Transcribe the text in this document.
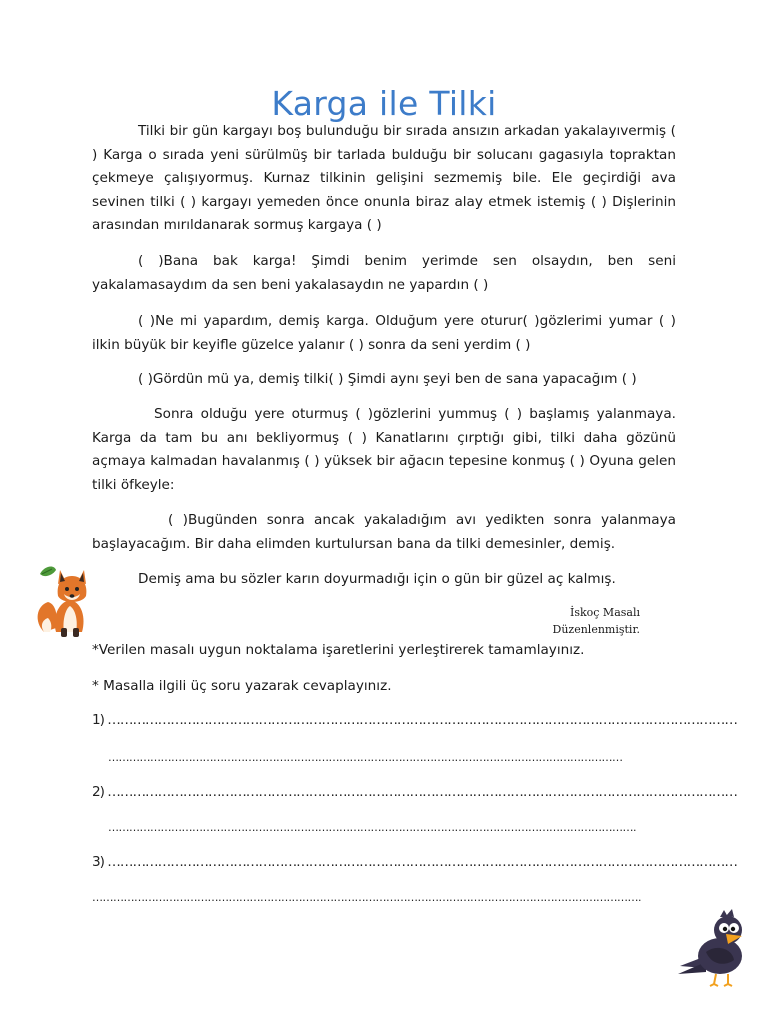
Karga ile Tilki

Tilki bir gün kargayı boş bulunduğu bir sırada ansızın arkadan yakalayıvermiş ( ) Karga o sırada yeni sürülmüş bir tarlada bulduğu bir solucanı gagasıyla topraktan çekmeye çalışıyormuş. Kurnaz tilkinin gelişini sezmemiş bile. Ele geçirdiği ava sevinen tilki ( ) kargayı yemeden önce onunla biraz alay etmek istemiş ( ) Dişlerinin arasından mırıldanarak sormuş kargaya ( )

( )Bana bak karga! Şimdi benim yerimde sen olsaydın, ben seni yakalamasaydım da sen beni yakalasaydın ne yapardın ( )

( )Ne mi yapardım, demiş karga. Olduğum yere oturur( )gözlerimi yumar ( ) ilkin büyük bir keyifle güzelce yalanır ( ) sonra da seni yerdim ( )

( )Gördün mü ya, demiş tilki( ) Şimdi aynı şeyi ben de sana yapacağım ( )

Sonra olduğu yere oturmuş ( )gözlerini yummuş ( ) başlamış yalanmaya. Karga da tam bu anı bekliyormuş ( ) Kanatlarını çırptığı gibi, tilki daha gözünü açmaya kalmadan havalanmış ( ) yüksek bir ağacın tepesine konmuş ( ) Oyuna gelen tilki öfkeyle:

( )Bugünden sonra ancak yakaladığım avı yedikten sonra yalanmaya başlayacağım. Bir daha elimden kurtulursan bana da tilki demesinler, demiş.

Demiş ama bu sözler karın doyurmadığı için o gün bir güzel aç kalmış.

İskoç Masalı
Düzenlenmiştir.

*Verilen masalı uygun noktalama işaretlerini yerleştirerek tamamlayınız.

* Masalla ilgili üç soru yazarak cevaplayınız.

1) ……………………………………………………………………………………………………………………………………

…………………………………………………………………………………………………………………………………

2) ……………………………………………………………………………………………………………………………………

…………………………………………………………………………………………………………………………………….

3) ……………………………………………………………………………………………………………………………………

………………………………………………………………………………………………………………………………………….
